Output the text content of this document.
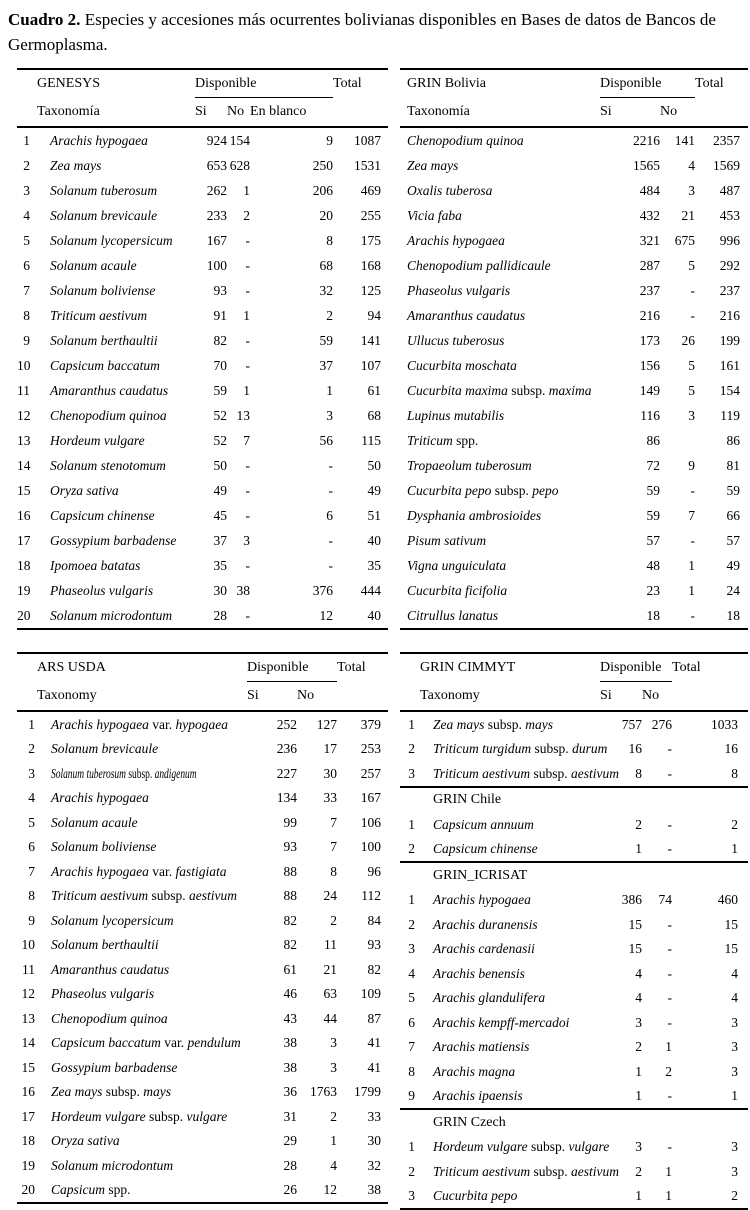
Cuadro 2. Especies y accesiones más ocurrentes bolivianas disponibles en Bases de datos de Bancos de Germoplasma.

GENESYS		Disponible			Total
Taxonomía		Si	No	En blanco	
1	Arachis hypogaea	924	154	9	1087
2	Zea mays	653	628	250	1531
3	Solanum tuberosum	262	1	206	469
4	Solanum brevicaule	233	2	20	255
5	Solanum lycopersicum	167	-	8	175
6	Solanum acaule	100	-	68	168
7	Solanum boliviense	93	-	32	125
8	Triticum aestivum	91	1	2	94
9	Solanum berthaultii	82	-	59	141
10	Capsicum baccatum	70	-	37	107
11	Amaranthus caudatus	59	1	1	61
12	Chenopodium quinoa	52	13	3	68
13	Hordeum vulgare	52	7	56	115
14	Solanum stenotomum	50	-	-	50
15	Oryza sativa	49	-	-	49
16	Capsicum chinense	45	-	6	51
17	Gossypium barbadense	37	3	-	40
18	Ipomoea batatas	35	-	-	35
19	Phaseolus vulgaris	30	38	376	444
20	Solanum microdontum	28	-	12	40
GRIN Bolivia	Disponible		Total
Taxonomía	Si	No	
Chenopodium quinoa	2216	141	2357
Zea mays	1565	4	1569
Oxalis tuberosa	484	3	487
Vicia faba	432	21	453
Arachis hypogaea	321	675	996
Chenopodium pallidicaule	287	5	292
Phaseolus vulgaris	237	-	237
Amaranthus caudatus	216	-	216
Ullucus tuberosus	173	26	199
Cucurbita moschata	156	5	161
Cucurbita maxima subsp. maxima	149	5	154
Lupinus mutabilis	116	3	119
Triticum spp.	86		86
Tropaeolum tuberosum	72	9	81
Cucurbita pepo subsp. pepo	59	-	59
Dysphania ambrosioides	59	7	66
Pisum sativum	57	-	57
Vigna unguiculata	48	1	49
Cucurbita ficifolia	23	1	24
Citrullus lanatus	18	-	18
ARS USDA		Disponible		Total
Taxonomy		Si	No	
1	Arachis hypogaea var. hypogaea	252	127	379
2	Solanum brevicaule	236	17	253
3	Solanum tuberosum subsp. andigenum	227	30	257
4	Arachis hypogaea	134	33	167
5	Solanum acaule	99	7	106
6	Solanum boliviense	93	7	100
7	Arachis hypogaea var. fastigiata	88	8	96
8	Triticum aestivum subsp. aestivum	88	24	112
9	Solanum lycopersicum	82	2	84
10	Solanum berthaultii	82	11	93
11	Amaranthus caudatus	61	21	82
12	Phaseolus vulgaris	46	63	109
13	Chenopodium quinoa	43	44	87
14	Capsicum baccatum var. pendulum	38	3	41
15	Gossypium barbadense	38	3	41
16	Zea mays subsp. mays	36	1763	1799
17	Hordeum vulgare subsp. vulgare	31	2	33
18	Oryza sativa	29	1	30
19	Solanum microdontum	28	4	32
20	Capsicum spp.	26	12	38
GRIN CIMMYT		Disponible		Total
Taxonomy		Si	No	
1	Zea mays subsp. mays	757	276	1033
2	Triticum turgidum subsp. durum	16	-	16
3	Triticum aestivum subsp. aestivum	8	-	8
	GRIN Chile			
1	Capsicum annuum	2	-	2
2	Capsicum chinense	1	-	1
	GRIN_ICRISAT			
1	Arachis hypogaea	386	74	460
2	Arachis duranensis	15	-	15
3	Arachis cardenasii	15	-	15
4	Arachis benensis	4	-	4
5	Arachis glandulifera	4	-	4
6	Arachis kempff-mercadoi	3	-	3
7	Arachis matiensis	2	1	3
8	Arachis magna	1	2	3
9	Arachis ipaensis	1	-	1
	GRIN Czech			
1	Hordeum vulgare subsp. vulgare	3	-	3
2	Triticum aestivum subsp. aestivum	2	1	3
3	Cucurbita pepo	1	1	2
